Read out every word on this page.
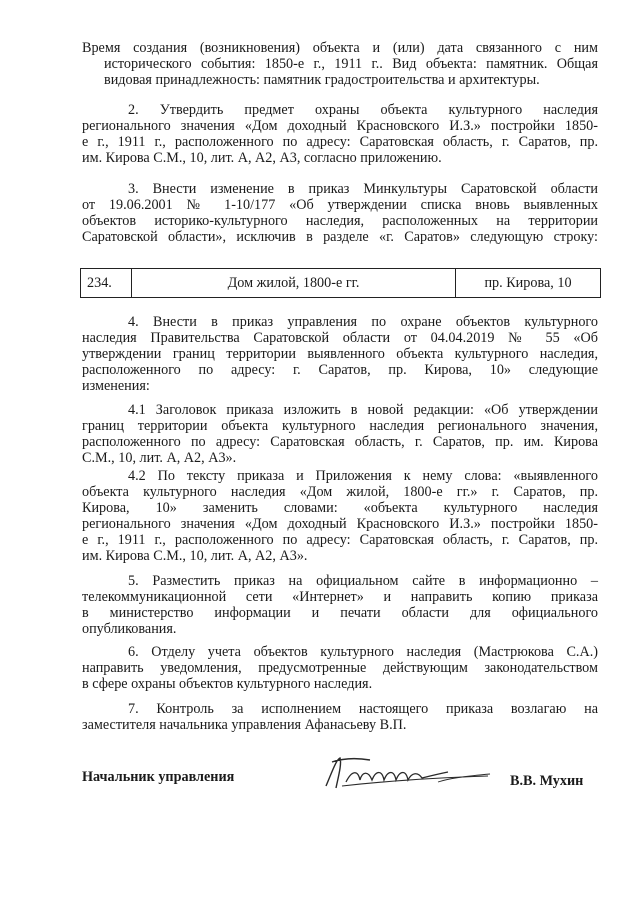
Время создания (возникновения) объекта и (или) дата связанного с ним
исторического события: 1850-е г., 1911 г.. Вид объекта: памятник. Общая
видовая принадлежность: памятник градостроительства и архитектуры.
2. Утвердить предмет охраны объекта культурного наследия
регионального значения «Дом доходный Красновского И.З.» постройки 1850-
е г., 1911 г., расположенного по адресу: Саратовская область, г. Саратов, пр.
им. Кирова С.М., 10, лит. А, А2, А3, согласно приложению.
3. Внести изменение в приказ Минкультуры Саратовской области
от 19.06.2001 № 1-10/177 «Об утверждении списка вновь выявленных
объектов историко-культурного наследия, расположенных на территории
Саратовской области», исключив в разделе «г. Саратов» следующую строку:
234.	Дом жилой, 1800-е гг.	пр. Кирова, 10
4. Внести в приказ управления по охране объектов культурного
наследия Правительства Саратовской области от 04.04.2019 № 55 «Об
утверждении границ территории выявленного объекта культурного наследия,
расположенного по адресу: г. Саратов, пр. Кирова, 10» следующие
изменения:
4.1 Заголовок приказа изложить в новой редакции: «Об утверждении
границ территории объекта культурного наследия регионального значения,
расположенного по адресу: Саратовская область, г. Саратов, пр. им. Кирова
С.М., 10, лит. А, А2, А3».
4.2 По тексту приказа и Приложения к нему слова: «выявленного
объекта культурного наследия «Дом жилой, 1800-е гг.» г. Саратов, пр.
Кирова, 10» заменить словами: «объекта культурного наследия
регионального значения «Дом доходный Красновского И.З.» постройки 1850-
е г., 1911 г., расположенного по адресу: Саратовская область, г. Саратов, пр.
им. Кирова С.М., 10, лит. А, А2, А3».
5. Разместить приказ на официальном сайте в информационно –
телекоммуникационной сети «Интернет» и направить копию приказа
в министерство информации и печати области для официального
опубликования.
6. Отделу учета объектов культурного наследия (Мастрюкова С.А.)
направить уведомления, предусмотренные действующим законодательством
в сфере охраны объектов культурного наследия.
7. Контроль за исполнением настоящего приказа возлагаю на
заместителя начальника управления Афанасьеву В.П.
Начальник управления	В.В. Мухин
